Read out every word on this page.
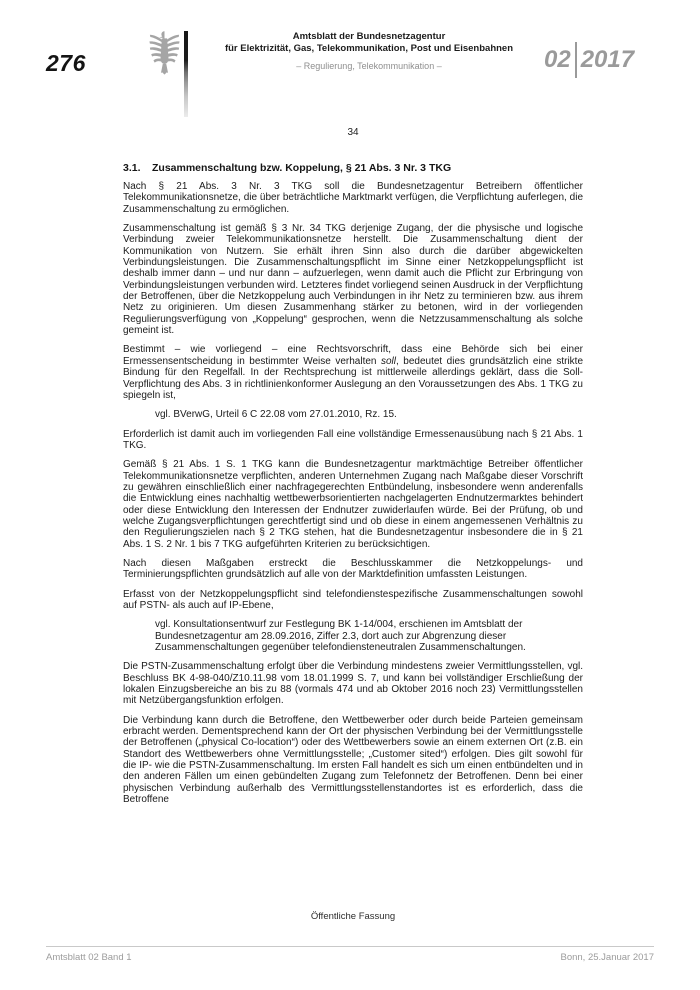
276
Amtsblatt der Bundesnetzagentur
für Elektrizität, Gas, Telekommunikation, Post und Eisenbahnen
– Regulierung, Telekommunikation –	02 2017
34
3.1.	Zusammenschaltung bzw. Koppelung, § 21 Abs. 3 Nr. 3 TKG

Nach § 21 Abs. 3 Nr. 3 TKG soll die Bundesnetzagentur Betreibern öffentlicher Telekommunikationsnetze, die über beträchtliche Marktmarkt verfügen, die Verpflichtung auferlegen, die Zusammenschaltung zu ermöglichen.

Zusammenschaltung ist gemäß § 3 Nr. 34 TKG derjenige Zugang, der die physische und logische Verbindung zweier Telekommunikationsnetze herstellt. Die Zusammenschaltung dient der Kommunikation von Nutzern. Sie erhält ihren Sinn also durch die darüber abgewickelten Verbindungsleistungen. Die Zusammenschaltungspflicht im Sinne einer Netzkoppelungspflicht ist deshalb immer dann – und nur dann – aufzuerlegen, wenn damit auch die Pflicht zur Erbringung von Verbindungsleistungen verbunden wird. Letzteres findet vorliegend seinen Ausdruck in der Verpflichtung der Betroffenen, über die Netzkoppelung auch Verbindungen in ihr Netz zu terminieren bzw. aus ihrem Netz zu originieren. Um diesen Zusammenhang stärker zu betonen, wird in der vorliegenden Regulierungsverfügung von „Koppelung“ gesprochen, wenn die Netzzusammenschaltung als solche gemeint ist.

Bestimmt – wie vorliegend – eine Rechtsvorschrift, dass eine Behörde sich bei einer Ermessensentscheidung in bestimmter Weise verhalten soll, bedeutet dies grundsätzlich eine strikte Bindung für den Regelfall. In der Rechtsprechung ist mittlerweile allerdings geklärt, dass die Soll-Verpflichtung des Abs. 3 in richtlinienkonformer Auslegung an den Voraussetzungen des Abs. 1 TKG zu spiegeln ist,

vgl. BVerwG, Urteil 6 C 22.08 vom 27.01.2010, Rz. 15.

Erforderlich ist damit auch im vorliegenden Fall eine vollständige Ermessenausübung nach § 21 Abs. 1 TKG.

Gemäß § 21 Abs. 1 S. 1 TKG kann die Bundesnetzagentur marktmächtige Betreiber öffentlicher Telekommunikationsnetze verpflichten, anderen Unternehmen Zugang nach Maßgabe dieser Vorschrift zu gewähren einschließlich einer nachfragegerechten Entbündelung, insbesondere wenn anderenfalls die Entwicklung eines nachhaltig wettbewerbsorientierten nachgelagerten Endnutzermarktes behindert oder diese Entwicklung den Interessen der Endnutzer zuwiderlaufen würde. Bei der Prüfung, ob und welche Zugangsverpflichtungen gerechtfertigt sind und ob diese in einem angemessenen Verhältnis zu den Regulierungszielen nach § 2 TKG stehen, hat die Bundesnetzagentur insbesondere die in § 21 Abs. 1 S. 2 Nr. 1 bis 7 TKG aufgeführten Kriterien zu berücksichtigen.

Nach diesen Maßgaben erstreckt die Beschlusskammer die Netzkoppelungs- und Terminierungspflichten grundsätzlich auf alle von der Marktdefinition umfassten Leistungen.

Erfasst von der Netzkoppelungspflicht sind telefondienstespezifische Zusammenschaltungen sowohl auf PSTN- als auch auf IP-Ebene,

vgl. Konsultationsentwurf zur Festlegung BK 1-14/004, erschienen im Amtsblatt der Bundesnetzagentur am 28.09.2016, Ziffer 2.3, dort auch zur Abgrenzung dieser Zusammenschaltungen gegenüber telefondiensteneutralen Zusammenschaltungen.

Die PSTN-Zusammenschaltung erfolgt über die Verbindung mindestens zweier Vermittlungsstellen, vgl. Beschluss BK 4-98-040/Z10.11.98 vom 18.01.1999 S. 7, und kann bei vollständiger Erschließung der lokalen Einzugsbereiche an bis zu 88 (vormals 474 und ab Oktober 2016 noch 23) Vermittlungsstellen mit Netzübergangsfunktion erfolgen.

Die Verbindung kann durch die Betroffene, den Wettbewerber oder durch beide Parteien gemeinsam erbracht werden. Dementsprechend kann der Ort der physischen Verbindung bei der Vermittlungsstelle der Betroffenen („physical Co-location“) oder des Wettbewerbers sowie an einem externen Ort (z.B. ein Standort des Wettbewerbers ohne Vermittlungsstelle; „Customer sited“) erfolgen. Dies gilt sowohl für die IP- wie die PSTN-Zusammenschaltung. Im ersten Fall handelt es sich um einen entbündelten und in den anderen Fällen um einen gebündelten Zugang zum Telefonnetz der Betroffenen. Denn bei einer physischen Verbindung außerhalb des Vermittlungsstellenstandortes ist es erforderlich, dass die Betroffene

Öffentliche Fassung
Amtsblatt 02 Band 1	Bonn, 25.Januar 2017
